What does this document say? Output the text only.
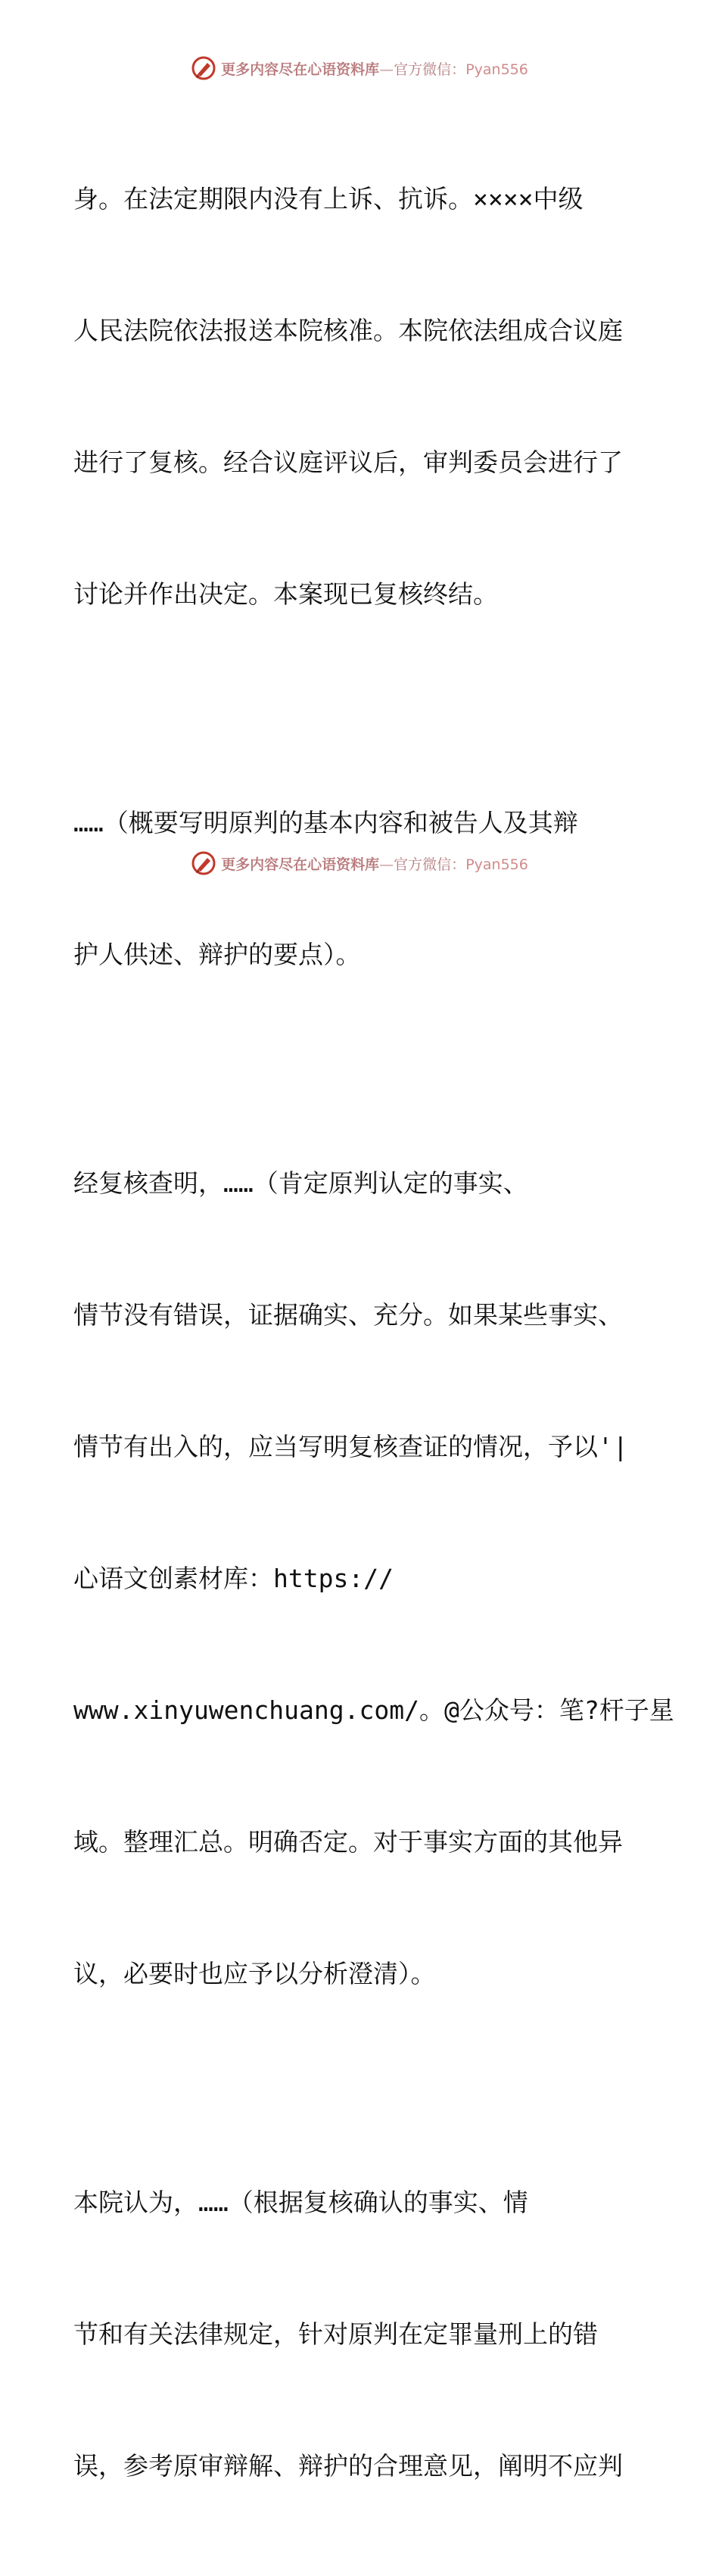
更多内容尽在心语资料库—官方微信：Pyan556

身。在法定期限内没有上诉、抗诉。××××中级

人民法院依法报送本院核准。本院依法组成合议庭

进行了复核。经合议庭评议后，审判委员会进行了

讨论并作出决定。本案现已复核终结。

……（概要写明原判的基本内容和被告人及其辩

护人供述、辩护的要点）。

经复核查明，……（肯定原判认定的事实、

情节没有错误，证据确实、充分。如果某些事实、

情节有出入的，应当写明复核查证的情况，予以'|

心语文创素材库：https://

www.xinyuwenchuang.com/。@公众号：笔?杆子星

域。整理汇总。明确否定。对于事实方面的其他异

议，必要时也应予以分析澄清）。

本院认为，……（根据复核确认的事实、情

节和有关法律规定，针对原判在定罪量刑上的错

误，参考原审辩解、辩护的合理意见，阐明不应判

更多内容尽在心语资料库—官方微信：Pyan556
